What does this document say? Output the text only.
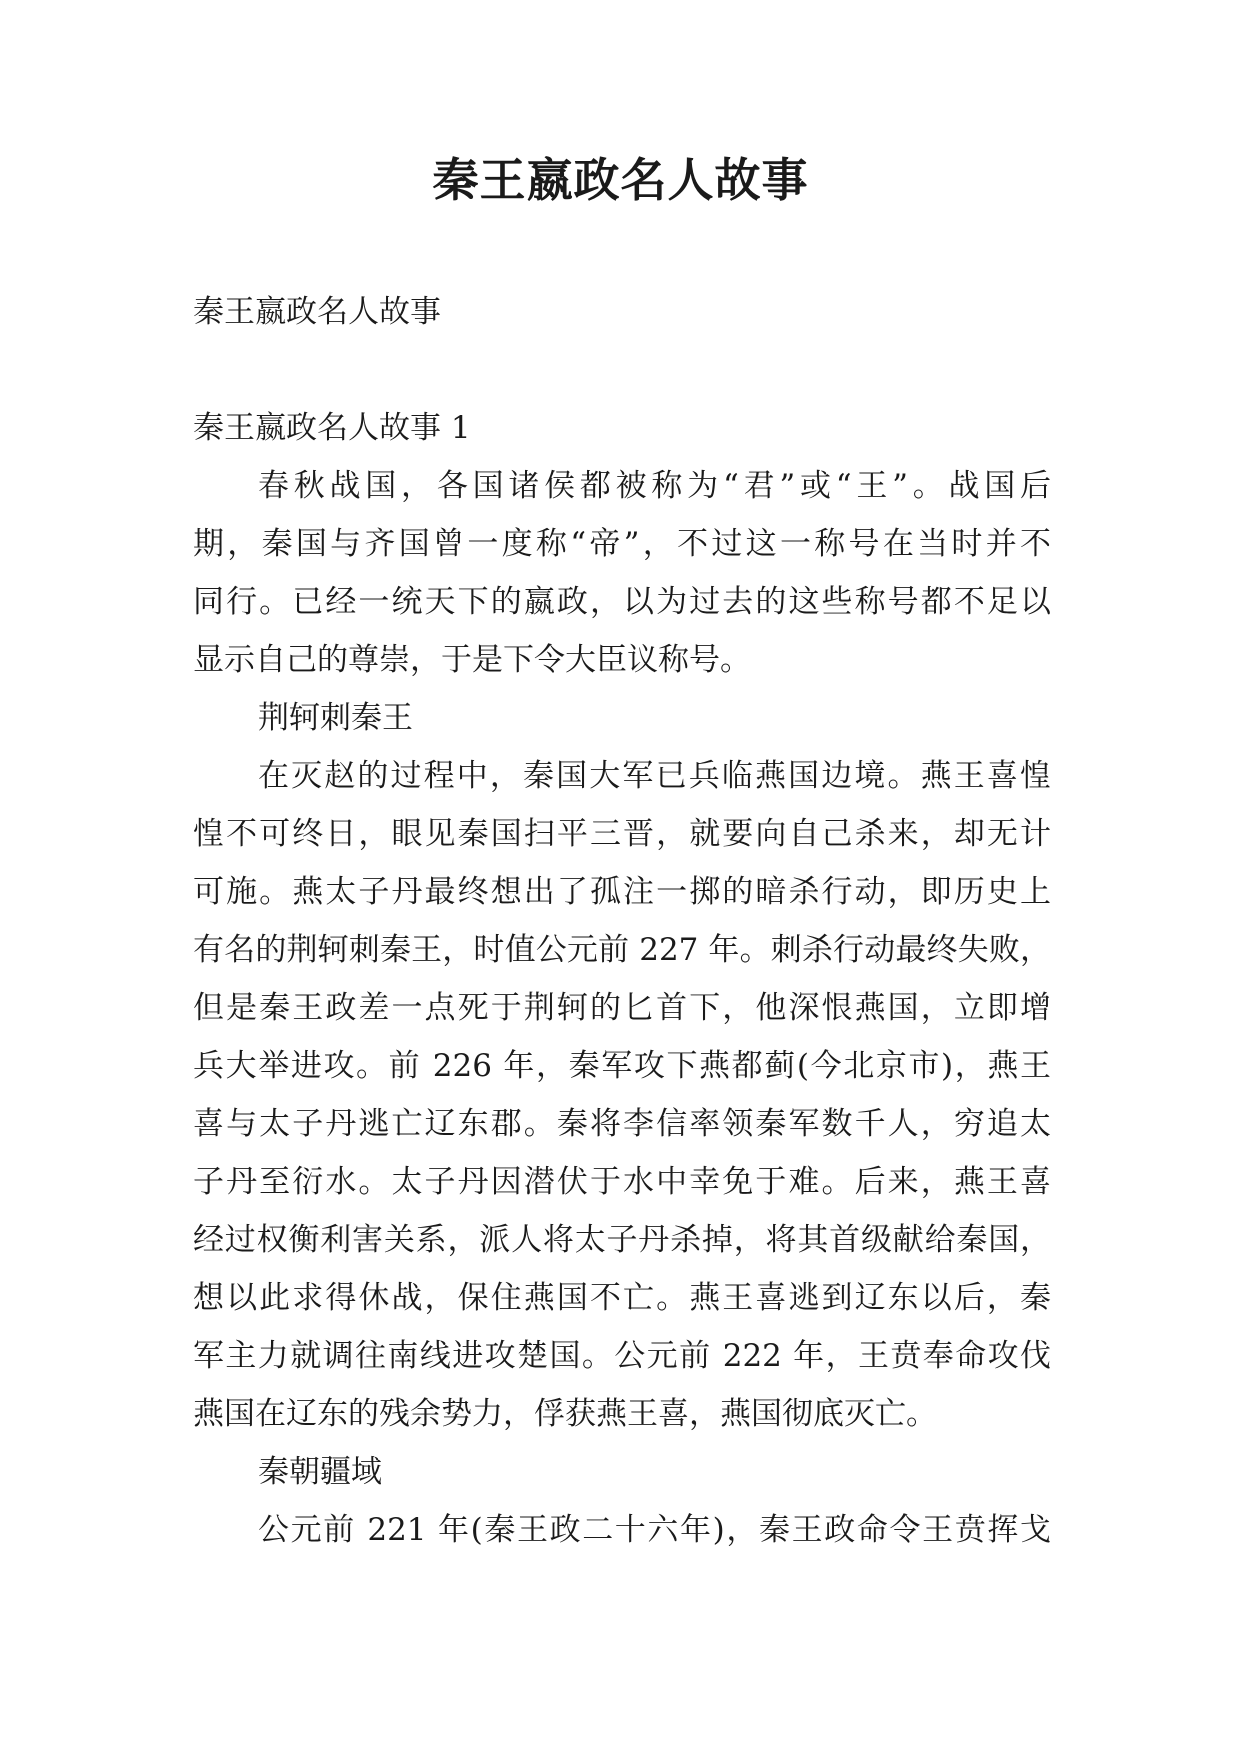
秦王嬴政名人故事
秦王嬴政名人故事
秦王嬴政名人故事 1
春秋战国，各国诸侯都被称为“君”或“王”。战国后
期，秦国与齐国曾一度称“帝”，不过这一称号在当时并不
同行。已经一统天下的嬴政，以为过去的这些称号都不足以
显示自己的尊崇，于是下令大臣议称号。
荆轲刺秦王
在灭赵的过程中，秦国大军已兵临燕国边境。燕王喜惶
惶不可终日，眼见秦国扫平三晋，就要向自己杀来，却无计
可施。燕太子丹最终想出了孤注一掷的暗杀行动，即历史上
有名的荆轲刺秦王，时值公元前 227 年。刺杀行动最终失败，
但是秦王政差一点死于荆轲的匕首下，他深恨燕国，立即增
兵大举进攻。前 226 年，秦军攻下燕都蓟(今北京市)，燕王
喜与太子丹逃亡辽东郡。秦将李信率领秦军数千人，穷追太
子丹至衍水。太子丹因潜伏于水中幸免于难。后来，燕王喜
经过权衡利害关系，派人将太子丹杀掉，将其首级献给秦国，
想以此求得休战，保住燕国不亡。燕王喜逃到辽东以后，秦
军主力就调往南线进攻楚国。公元前 222 年，王贲奉命攻伐
燕国在辽东的残余势力，俘获燕王喜，燕国彻底灭亡。
秦朝疆域
公元前 221 年(秦王政二十六年)，秦王政命令王贲挥戈
